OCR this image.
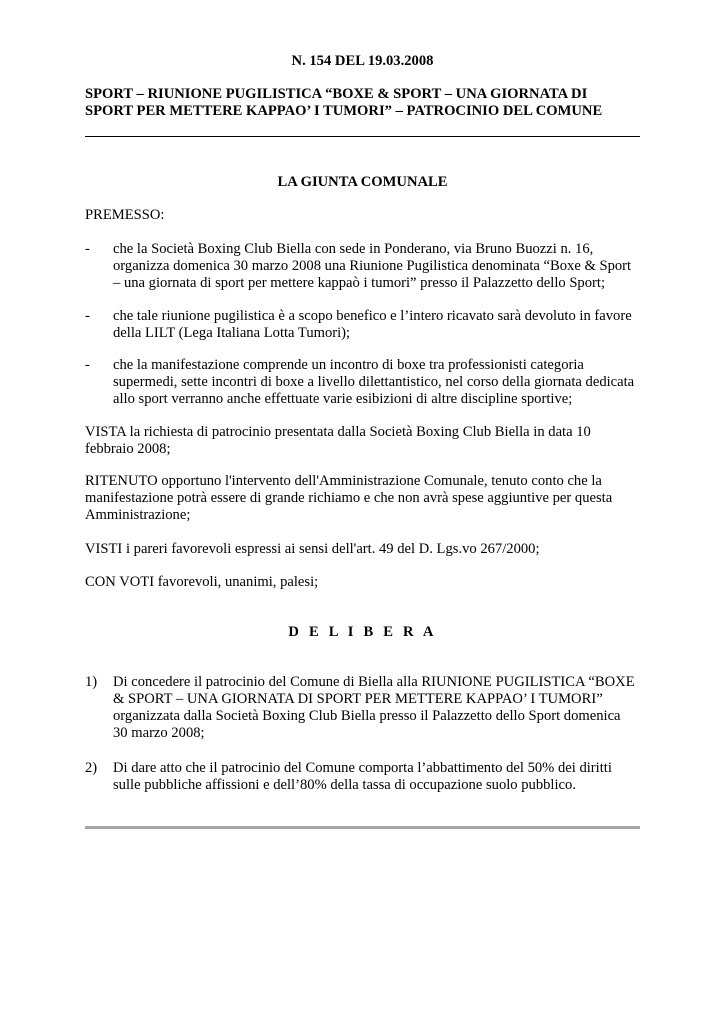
N. 154 DEL 19.03.2008
SPORT – RIUNIONE PUGILISTICA “BOXE & SPORT – UNA GIORNATA DI
SPORT PER METTERE KAPPAO’ I TUMORI” – PATROCINIO DEL COMUNE
LA GIUNTA COMUNALE
PREMESSO:
- che la Società Boxing Club Biella con sede in Ponderano, via Bruno Buozzi n. 16,
organizza domenica 30 marzo 2008 una Riunione Pugilistica denominata “Boxe & Sport
– una giornata di sport per mettere kappaò i tumori” presso il Palazzetto dello Sport;
- che tale riunione pugilistica è a scopo benefico e l’intero ricavato sarà devoluto in favore
della LILT (Lega Italiana Lotta Tumori);
- che la manifestazione comprende un incontro di boxe tra professionisti categoria
supermedi, sette incontri di boxe a livello dilettantistico, nel corso della giornata dedicata
allo sport verranno anche effettuate varie esibizioni di altre discipline sportive;
VISTA la richiesta di patrocinio presentata dalla Società Boxing Club Biella in data 10
febbraio 2008;
RITENUTO opportuno l'intervento dell'Amministrazione Comunale, tenuto conto che la
manifestazione potrà essere di grande richiamo e che non avrà spese aggiuntive per questa
Amministrazione;
VISTI i pareri favorevoli espressi ai sensi dell'art. 49 del D. Lgs.vo 267/2000;
CON VOTI favorevoli, unanimi, palesi;
D E L I B E R A
1) Di concedere il patrocinio del Comune di Biella alla RIUNIONE PUGILISTICA “BOXE
& SPORT – UNA GIORNATA DI SPORT PER METTERE KAPPAO’ I TUMORI”
organizzata dalla Società Boxing Club Biella presso il Palazzetto dello Sport domenica
30 marzo 2008;
2) Di dare atto che il patrocinio del Comune comporta l’abbattimento del 50% dei diritti
sulle pubbliche affissioni e dell’80% della tassa di occupazione suolo pubblico.
